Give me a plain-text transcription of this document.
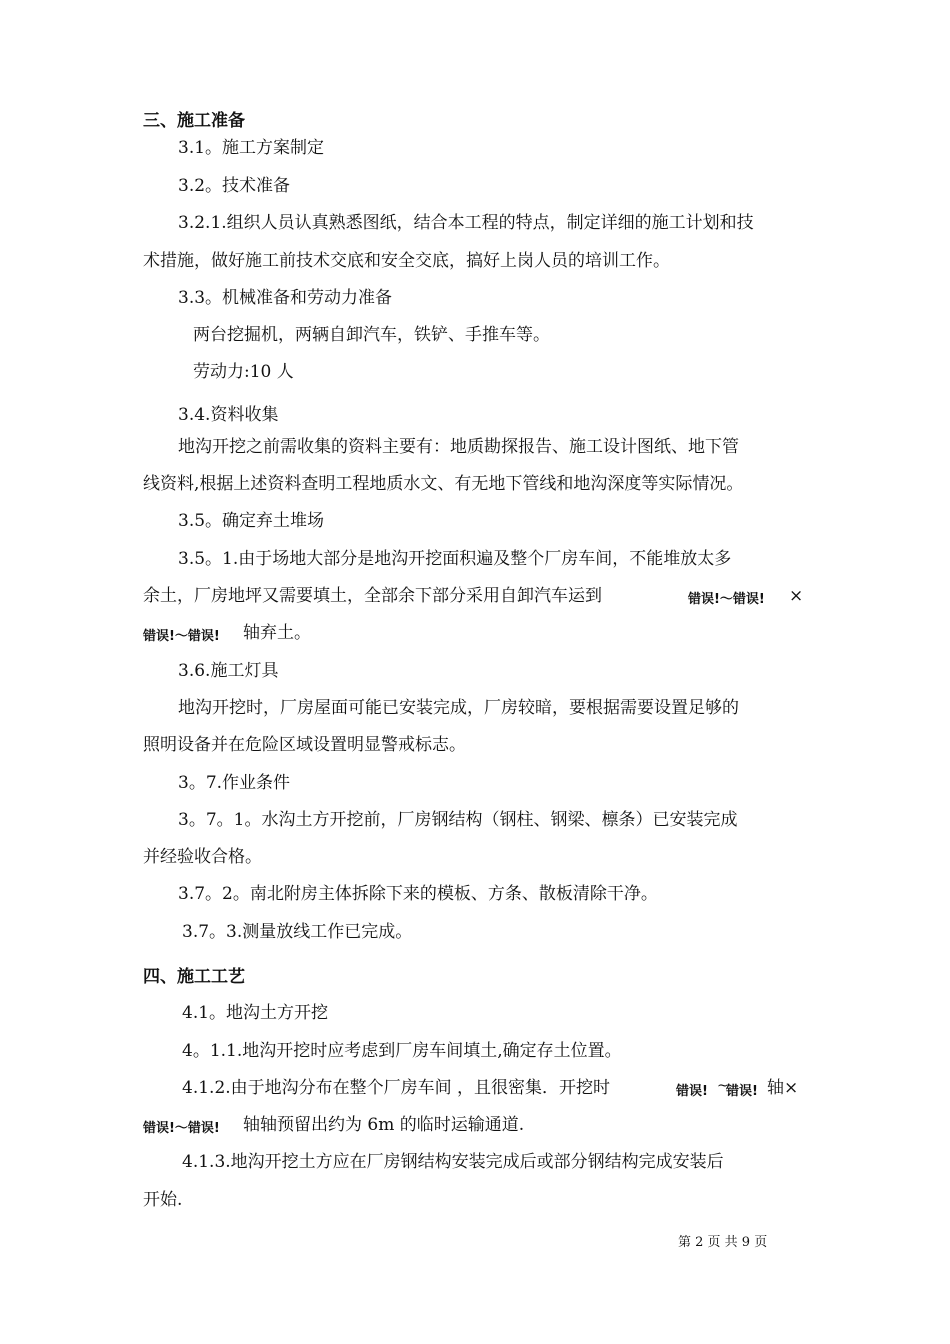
三、施工准备
3.1。施工方案制定
3.2。技术准备
3.2.1.组织人员认真熟悉图纸，结合本工程的特点，制定详细的施工计划和技
术措施，做好施工前技术交底和安全交底，搞好上岗人员的培训工作。
3.3。机械准备和劳动力准备
两台挖掘机，两辆自卸汽车，铁铲、手推车等。
劳动力:10 人
3.4.资料收集
地沟开挖之前需收集的资料主要有：地质勘探报告、施工设计图纸、地下管
线资料,根据上述资料查明工程地质水文、有无地下管线和地沟深度等实际情况。
3.5。确定弃土堆场
3.5。1.由于场地大部分是地沟开挖面积遍及整个厂房车间，不能堆放太多
余土，厂房地坪又需要填土，全部余下部分采用自卸汽车运到	错误!～错误! ×
错误!～错误! 轴弃土。
3.6.施工灯具
地沟开挖时，厂房屋面可能已安装完成，厂房较暗，要根据需要设置足够的
照明设备并在危险区域设置明显警戒标志。
3。7.作业条件
3。7。1。水沟土方开挖前，厂房钢结构（钢柱、钢梁、檩条）已安装完成
并经验收合格。
3.7。2。南北附房主体拆除下来的模板、方条、散板清除干净。
3.7。3.测量放线工作已完成。
四、施工工艺
4.1。地沟土方开挖
4。1.1.地沟开挖时应考虑到厂房车间填土,确定存土位置。
4.1.2.由于地沟分布在整个厂房车间 ，且很密集．开挖时	错误! ~
错误! 轴×
错误!～错误! 轴轴预留出约为 6m 的临时运输通道.
4.1.3.地沟开挖土方应在厂房钢结构安装完成后或部分钢结构完成安装后
开始.
第 2 页 共 9 页
